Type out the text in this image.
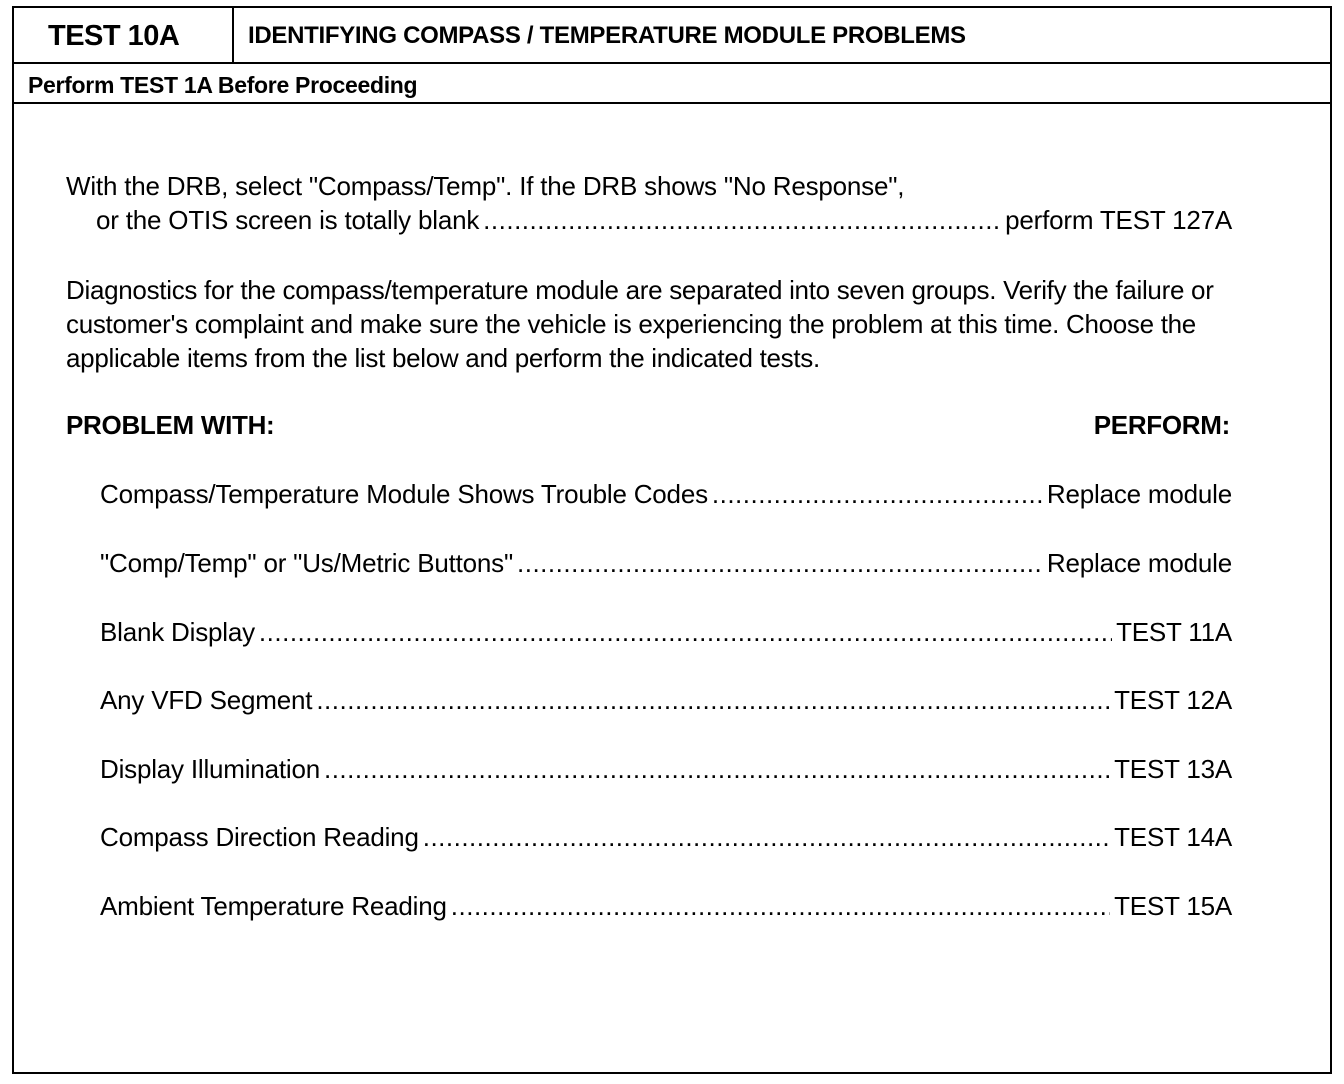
TEST 10A	IDENTIFYING COMPASS / TEMPERATURE MODULE PROBLEMS
Perform TEST 1A Before Proceeding
With the DRB, select "Compass/Temp". If the DRB shows "No Response",
or the OTIS screen is totally blank .....	perform TEST 127A
Diagnostics for the compass/temperature module are separated into seven groups. Verify the failure or customer's complaint and make sure the vehicle is experiencing the problem at this time. Choose the applicable items from the list below and perform the indicated tests.
PROBLEM WITH:	PERFORM:
Compass/Temperature Module Shows Trouble Codes .....	Replace module
"Comp/Temp" or "Us/Metric Buttons" .....	Replace module
Blank Display .....	TEST 11A
Any VFD Segment .....	TEST 12A
Display Illumination .....	TEST 13A
Compass Direction Reading .....	TEST 14A
Ambient Temperature Reading .....	TEST 15A
